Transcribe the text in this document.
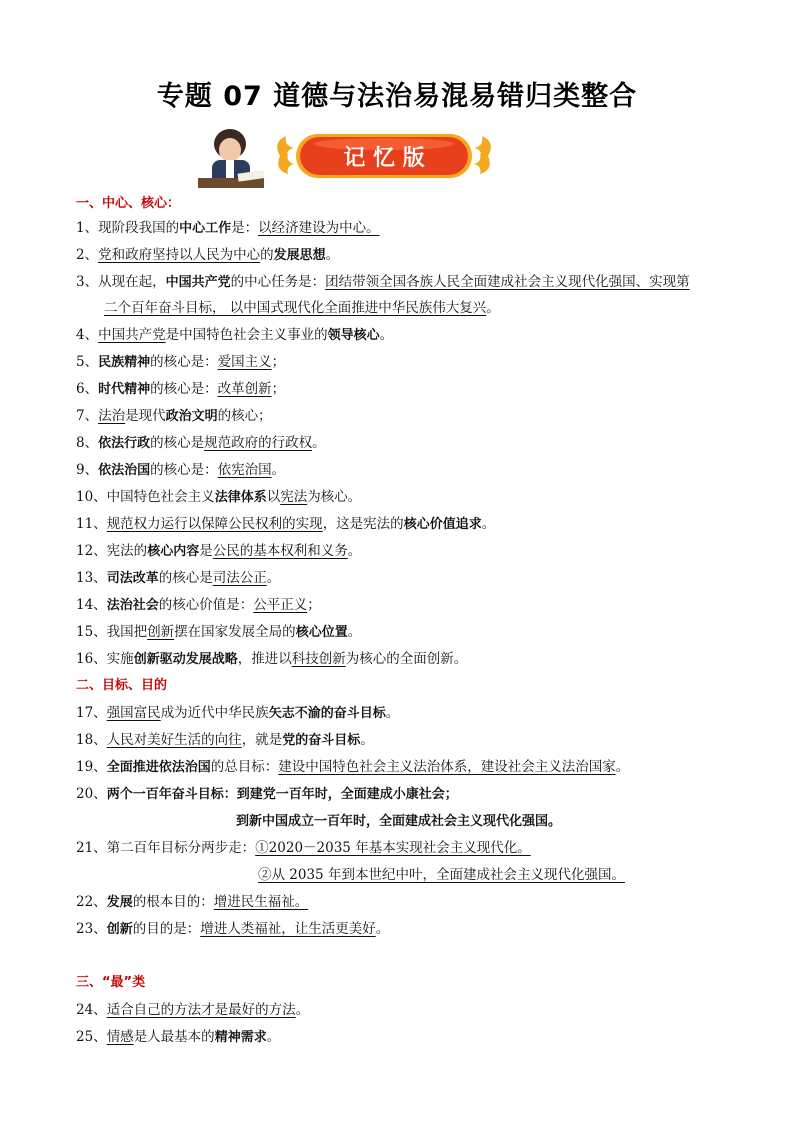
专题 07 道德与法治易混易错归类整合
记 忆 版
一、中心、核心：
1、现阶段我国的中心工作是：以经济建设为中心。
2、党和政府坚持以人民为中心的发展思想。
3、从现在起，中国共产党的中心任务是：团结带领全国各族人民全面建成社会主义现代化强国、实现第
二个百年奋斗目标， 以中国式现代化全面推进中华民族伟大复兴。
4、中国共产党是中国特色社会主义事业的领导核心。
5、民族精神的核心是：爱国主义；
6、时代精神的核心是：改革创新；
7、法治是现代政治文明的核心；
8、依法行政的核心是规范政府的行政权。
9、依法治国的核心是：依宪治国。
10、中国特色社会主义法律体系以宪法为核心。
11、规范权力运行以保障公民权利的实现，这是宪法的核心价值追求。
12、宪法的核心内容是公民的基本权利和义务。
13、司法改革的核心是司法公正。
14、法治社会的核心价值是：公平正义；
15、我国把创新摆在国家发展全局的核心位置。
16、实施创新驱动发展战略，推进以科技创新为核心的全面创新。
二、目标、目的
17、强国富民成为近代中华民族矢志不渝的奋斗目标。
18、人民对美好生活的向往，就是党的奋斗目标。
19、全面推进依法治国的总目标：建设中国特色社会主义法治体系，建设社会主义法治国家。
20、两个一百年奋斗目标：到建党一百年时，全面建成小康社会；
到新中国成立一百年时，全面建成社会主义现代化强国。
21、第二百年目标分两步走：①2020－2035 年基本实现社会主义现代化。
②从 2035 年到本世纪中叶，全面建成社会主义现代化强国。
22、发展的根本目的：增进民生福祉。
23、创新的目的是：增进人类福祉，让生活更美好。
三、“最”类
24、适合自己的方法才是最好的方法。
25、情感是人最基本的精神需求。
